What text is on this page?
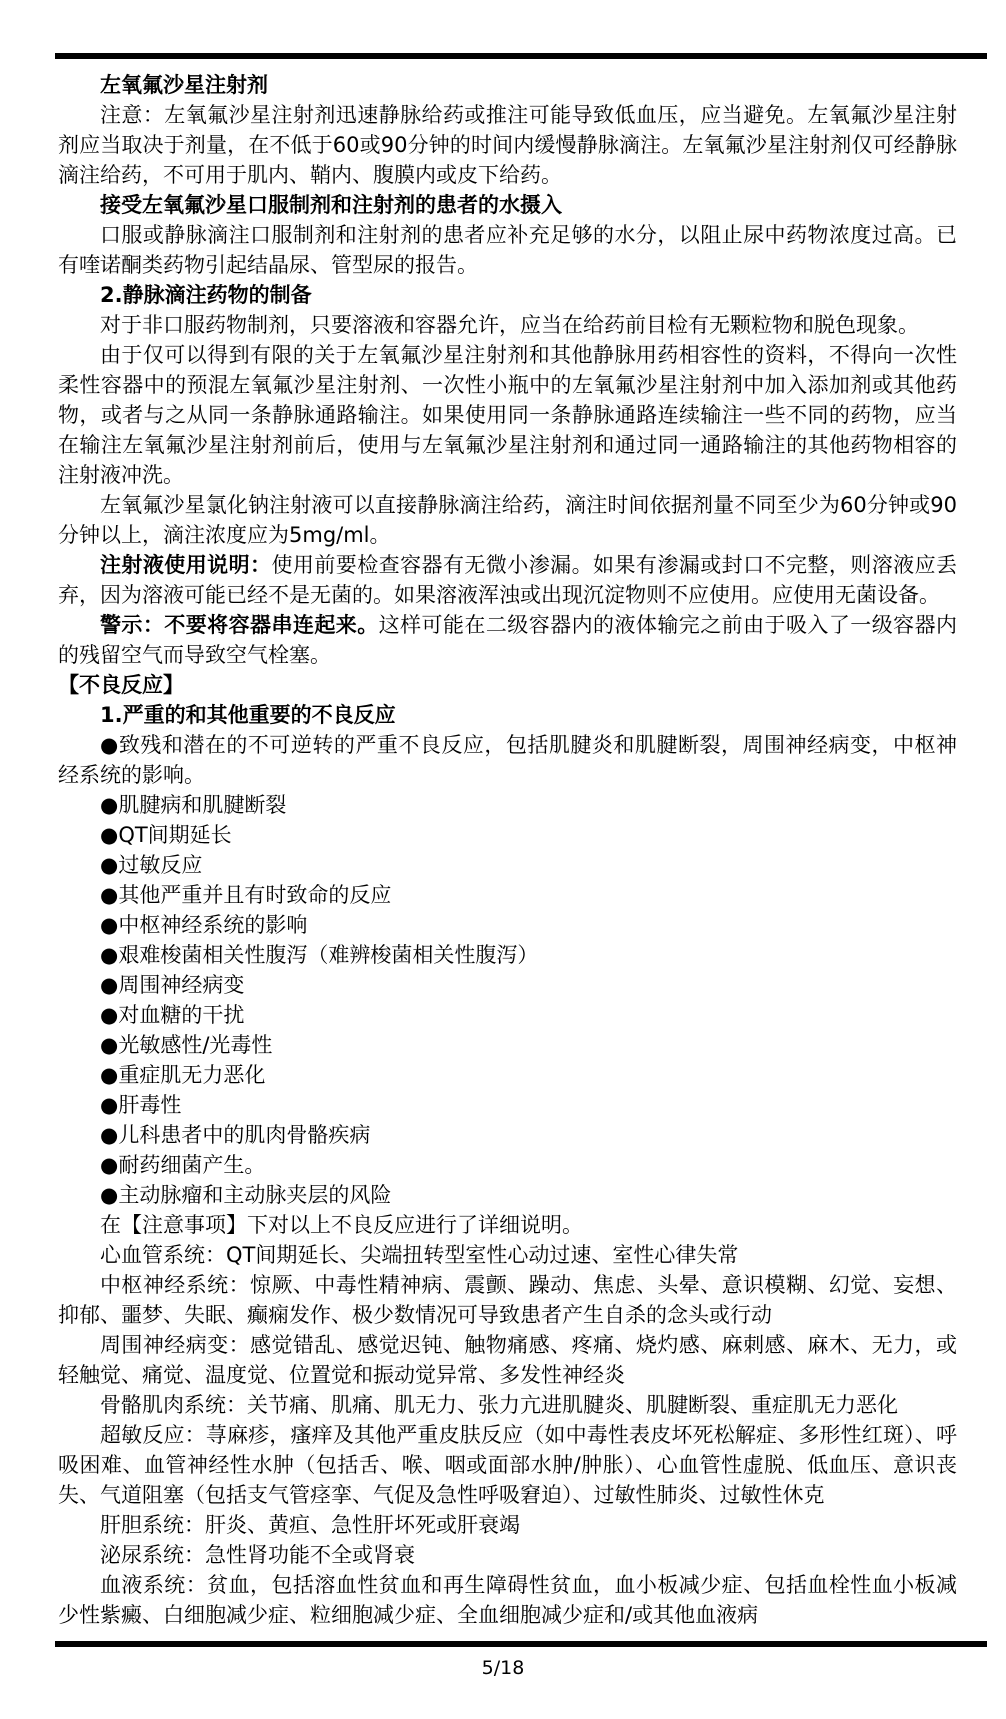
左氧氟沙星注射剂

注意：左氧氟沙星注射剂迅速静脉给药或推注可能导致低血压，应当避免。左氧氟沙星注射剂应当取决于剂量，在不低于60或90分钟的时间内缓慢静脉滴注。左氧氟沙星注射剂仅可经静脉滴注给药，不可用于肌内、鞘内、腹膜内或皮下给药。

接受左氧氟沙星口服制剂和注射剂的患者的水摄入

口服或静脉滴注口服制剂和注射剂的患者应补充足够的水分，以阻止尿中药物浓度过高。已有喹诺酮类药物引起结晶尿、管型尿的报告。

2.静脉滴注药物的制备

对于非口服药物制剂，只要溶液和容器允许，应当在给药前目检有无颗粒物和脱色现象。

由于仅可以得到有限的关于左氧氟沙星注射剂和其他静脉用药相容性的资料，不得向一次性柔性容器中的预混左氧氟沙星注射剂、一次性小瓶中的左氧氟沙星注射剂中加入添加剂或其他药物，或者与之从同一条静脉通路输注。如果使用同一条静脉通路连续输注一些不同的药物，应当在输注左氧氟沙星注射剂前后，使用与左氧氟沙星注射剂和通过同一通路输注的其他药物相容的注射液冲洗。

左氧氟沙星氯化钠注射液可以直接静脉滴注给药，滴注时间依据剂量不同至少为60分钟或90分钟以上，滴注浓度应为5mg/ml。

注射液使用说明：使用前要检查容器有无微小渗漏。如果有渗漏或封口不完整，则溶液应丢弃，因为溶液可能已经不是无菌的。如果溶液浑浊或出现沉淀物则不应使用。应使用无菌设备。

警示：不要将容器串连起来。这样可能在二级容器内的液体输完之前由于吸入了一级容器内的残留空气而导致空气栓塞。

【不良反应】

1.严重的和其他重要的不良反应

●致残和潜在的不可逆转的严重不良反应，包括肌腱炎和肌腱断裂，周围神经病变，中枢神经系统的影响。

●肌腱病和肌腱断裂

●QT间期延长

●过敏反应

●其他严重并且有时致命的反应

●中枢神经系统的影响

●艰难梭菌相关性腹泻（难辨梭菌相关性腹泻）

●周围神经病变

●对血糖的干扰

●光敏感性/光毒性

●重症肌无力恶化

●肝毒性

●儿科患者中的肌肉骨骼疾病

●耐药细菌产生。

●主动脉瘤和主动脉夹层的风险

在【注意事项】下对以上不良反应进行了详细说明。

心血管系统：QT间期延长、尖端扭转型室性心动过速、室性心律失常

中枢神经系统：惊厥、中毒性精神病、震颤、躁动、焦虑、头晕、意识模糊、幻觉、妄想、抑郁、噩梦、失眠、癫痫发作、极少数情况可导致患者产生自杀的念头或行动

周围神经病变：感觉错乱、感觉迟钝、触物痛感、疼痛、烧灼感、麻刺感、麻木、无力，或轻触觉、痛觉、温度觉、位置觉和振动觉异常、多发性神经炎

骨骼肌肉系统：关节痛、肌痛、肌无力、张力亢进肌腱炎、肌腱断裂、重症肌无力恶化

超敏反应：荨麻疹，瘙痒及其他严重皮肤反应（如中毒性表皮坏死松解症、多形性红斑）、呼吸困难、血管神经性水肿（包括舌、喉、咽或面部水肿/肿胀）、心血管性虚脱、低血压、意识丧失、气道阻塞（包括支气管痉挛、气促及急性呼吸窘迫）、过敏性肺炎、过敏性休克

肝胆系统：肝炎、黄疸、急性肝坏死或肝衰竭

泌尿系统：急性肾功能不全或肾衰

血液系统：贫血，包括溶血性贫血和再生障碍性贫血，血小板减少症、包括血栓性血小板减少性紫癜、白细胞减少症、粒细胞减少症、全血细胞减少症和/或其他血液病

5/18
